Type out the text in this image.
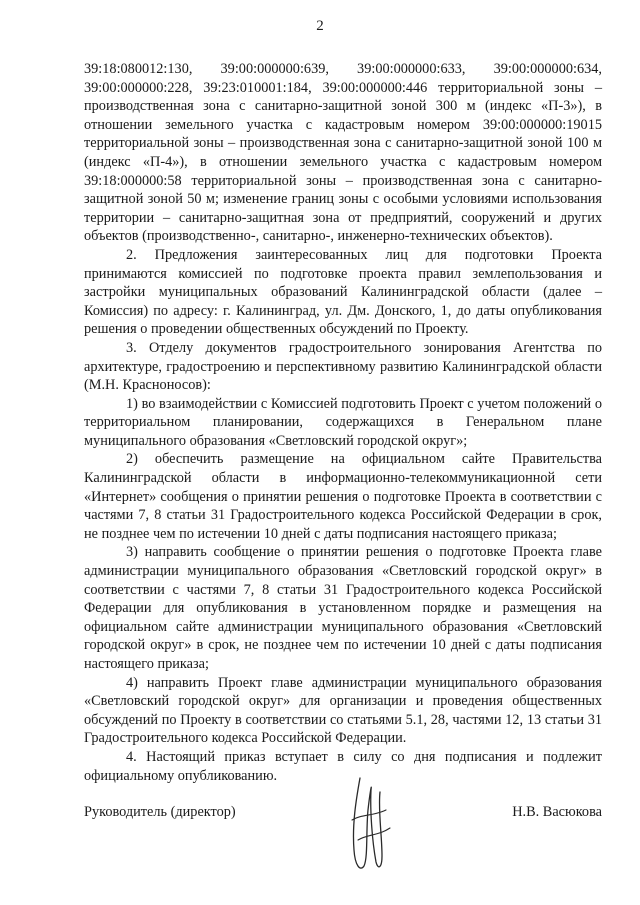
2

39:18:080012:130, 39:00:000000:639, 39:00:000000:633, 39:00:000000:634, 39:00:000000:228, 39:23:010001:184, 39:00:000000:446 территориальной зоны – производственная зона с санитарно-защитной зоной 300 м (индекс «П-3»), в отношении земельного участка с кадастровым номером 39:00:000000:19015 территориальной зоны – производственная зона с санитарно-защитной зоной 100 м (индекс «П-4»), в отношении земельного участка с кадастровым номером 39:18:000000:58 территориальной зоны – производственная зона с санитарно-защитной зоной 50 м; изменение границ зоны с особыми условиями использования территории – санитарно-защитная зона от предприятий, сооружений и других объектов (производственно-, санитарно-, инженерно-технических объектов).

2. Предложения заинтересованных лиц для подготовки Проекта принимаются комиссией по подготовке проекта правил землепользования и застройки муниципальных образований Калининградской области (далее – Комиссия) по адресу: г. Калининград, ул. Дм. Донского, 1, до даты опубликования решения о проведении общественных обсуждений по Проекту.

3. Отделу документов градостроительного зонирования Агентства по архитектуре, градостроению и перспективному развитию Калининградской области (М.Н. Красноносов):

1) во взаимодействии с Комиссией подготовить Проект с учетом положений о территориальном планировании, содержащихся в Генеральном плане муниципального образования «Светловский городской округ»;

2) обеспечить размещение на официальном сайте Правительства Калининградской области в информационно-телекоммуникационной сети «Интернет» сообщения о принятии решения о подготовке Проекта в соответствии с частями 7, 8 статьи 31 Градостроительного кодекса Российской Федерации в срок, не позднее чем по истечении 10 дней с даты подписания настоящего приказа;

3) направить сообщение о принятии решения о подготовке Проекта главе администрации муниципального образования «Светловский городской округ» в соответствии с частями 7, 8 статьи 31 Градостроительного кодекса Российской Федерации для опубликования в установленном порядке и размещения на официальном сайте администрации муниципального образования «Светловский городской округ» в срок, не позднее чем по истечении 10 дней с даты подписания настоящего приказа;

4) направить Проект главе администрации муниципального образования «Светловский городской округ» для организации и проведения общественных обсуждений по Проекту в соответствии со статьями 5.1, 28, частями 12, 13 статьи 31 Градостроительного кодекса Российской Федерации.

4. Настоящий приказ вступает в силу со дня подписания и подлежит официальному опубликованию.

Руководитель (директор)	Н.В. Васюкова
